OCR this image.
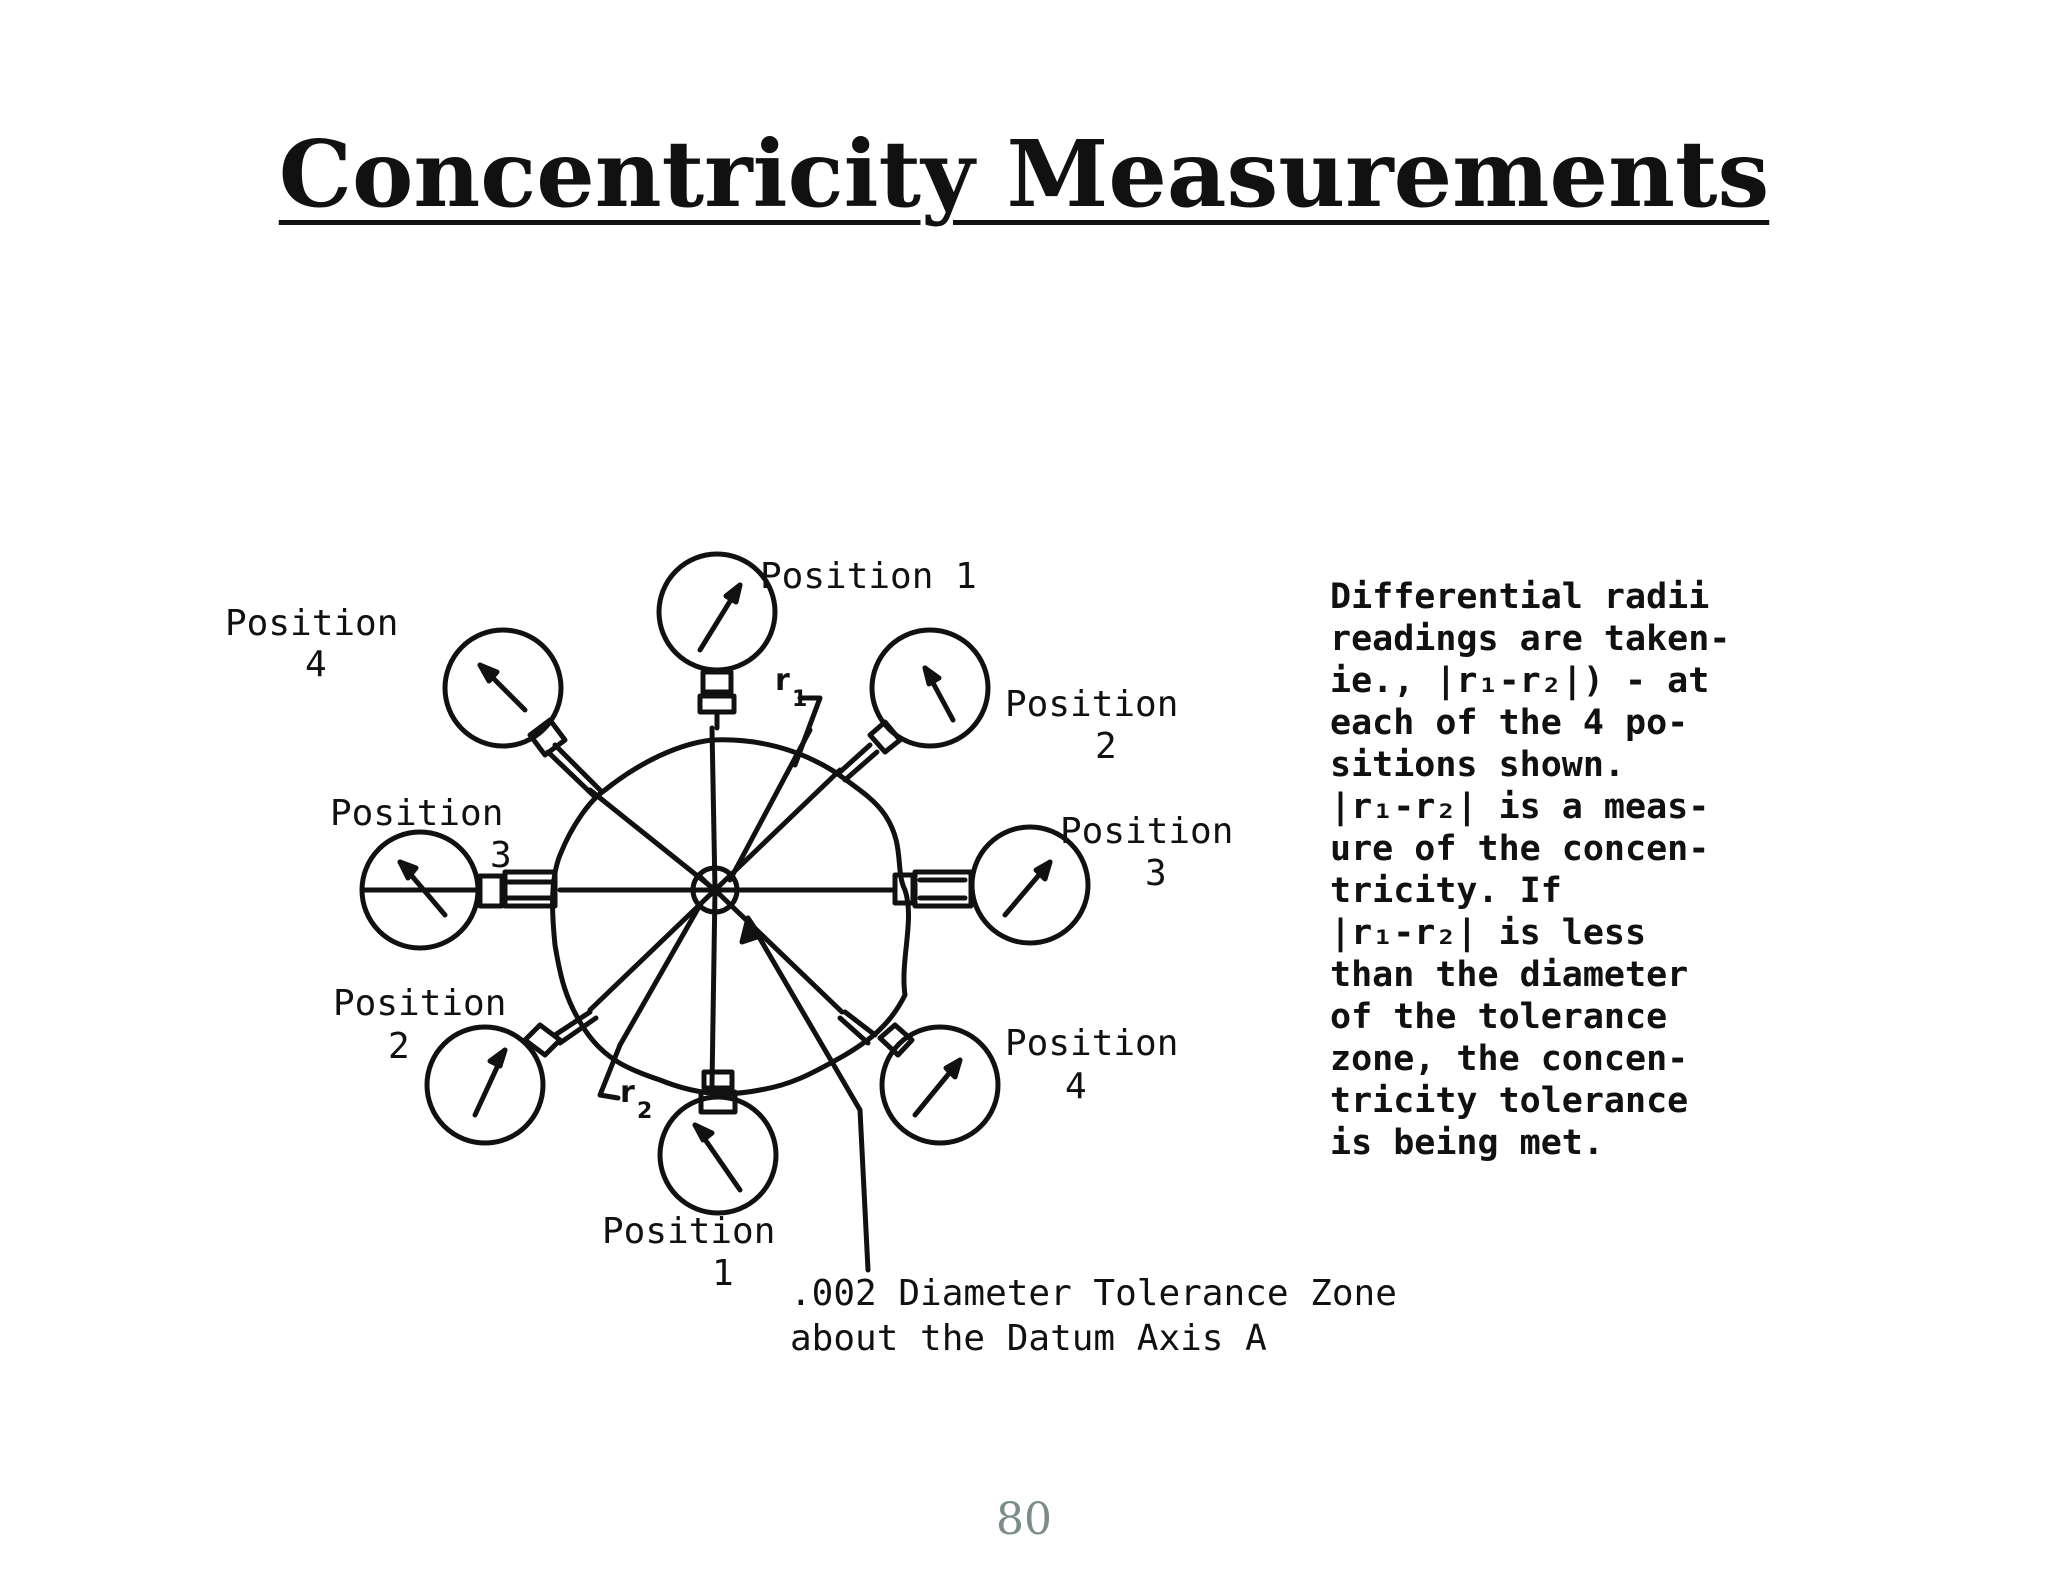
Concentricity Measurements
Position 1
Position
2
Position
3
Position
4
Position
4
Position
3
Position
2
Position
1
r
1
r
2
.002 Diameter Tolerance Zone
about the Datum Axis A
Differential radii
readings are taken-
ie., |r₁-r₂|) - at
each of the 4 po-
sitions shown.
|r₁-r₂| is a meas-
ure of the concen-
tricity. If
|r₁-r₂| is less
than the diameter
of the tolerance
zone, the concen-
tricity tolerance
is being met.
80
